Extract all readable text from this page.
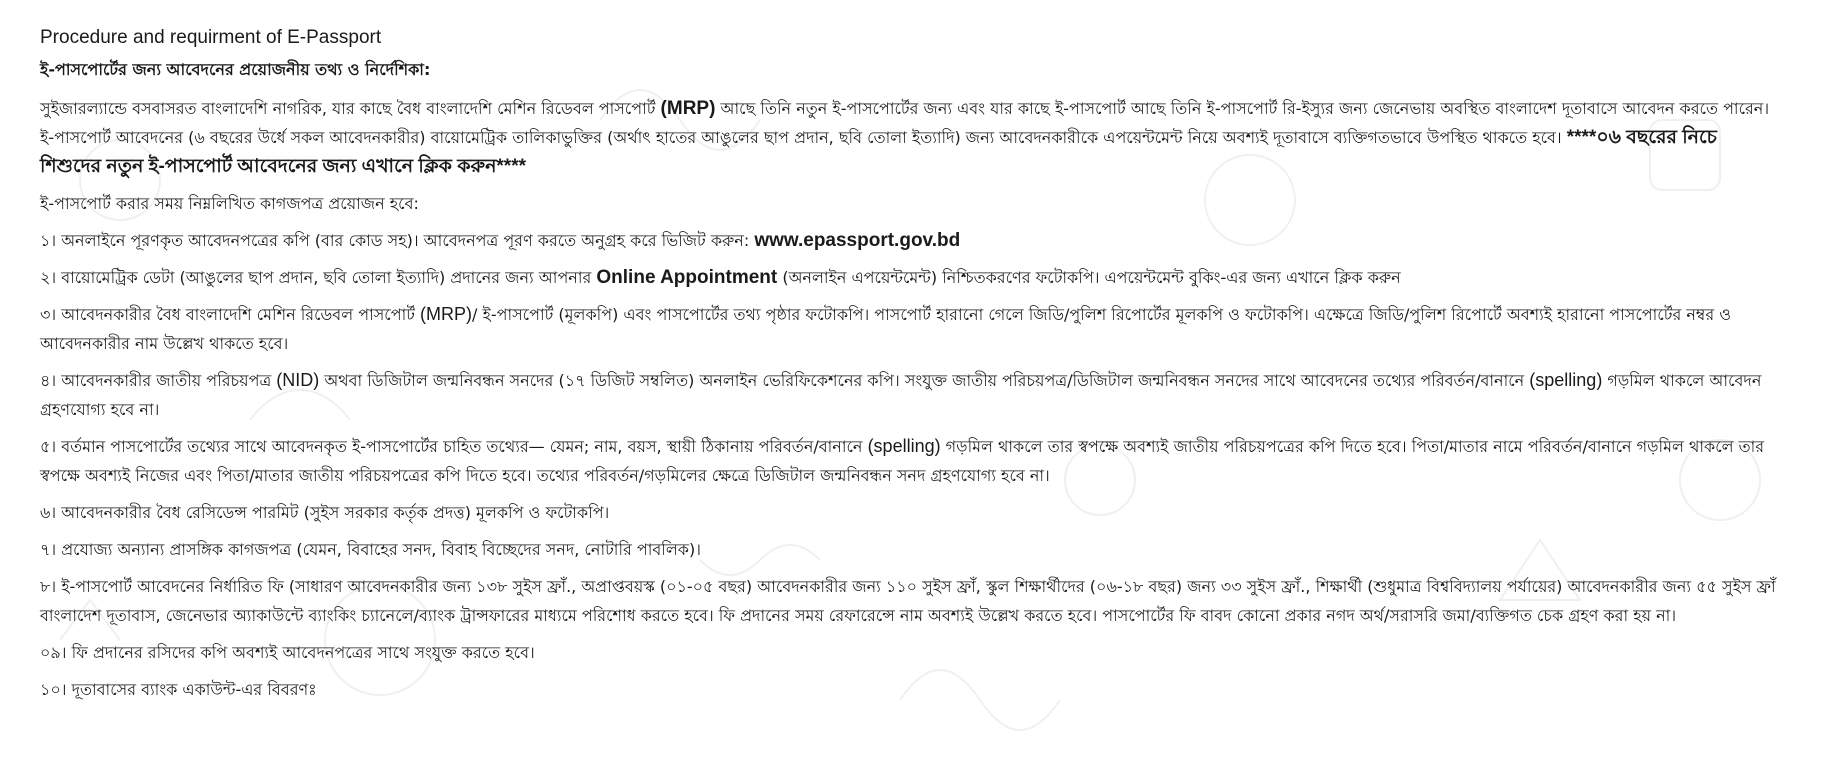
Procedure and requirment of E-Passport
ই-পাসপোর্টের জন্য আবেদনের প্রয়োজনীয় তথ্য ও নির্দেশিকা:
সুইজারল্যান্ডে বসবাসরত বাংলাদেশি নাগরিক, যার কাছে বৈধ বাংলাদেশি মেশিন রিডেবল পাসপোর্ট (MRP) আছে তিনি নতুন ই-পাসপোর্টের জন্য এবং যার কাছে ই-পাসপোর্ট আছে তিনি ই-পাসপোর্ট রি-ইস্যুর জন্য জেনেভায় অবস্থিত বাংলাদেশ দূতাবাসে আবেদন করতে পারেন। ই-পাসপোর্ট আবেদনের (৬ বছরের উর্ধে সকল আবেদনকারীর) বায়োমেট্রিক তালিকাভুক্তির (অর্থাৎ হাতের আঙুলের ছাপ প্রদান, ছবি তোলা ইত্যাদি) জন্য আবেদনকারীকে এপয়েন্টমেন্ট নিয়ে অবশ্যই দূতাবাসে ব্যক্তিগতভাবে উপস্থিত থাকতে হবে। ****০৬ বছরের নিচে শিশুদের নতুন ই-পাসপোর্ট আবেদনের জন্য এখানে ক্লিক করুন****
ই-পাসপোর্ট করার সময় নিম্নলিখিত কাগজপত্র প্রয়োজন হবে:
১। অনলাইনে পূরণকৃত আবেদনপত্রের কপি (বার কোড সহ)। আবেদনপত্র পূরণ করতে অনুগ্রহ করে ভিজিট করুন: www.epassport.gov.bd
২। বায়োমেট্রিক ডেটা (আঙুলের ছাপ প্রদান, ছবি তোলা ইত্যাদি) প্রদানের জন্য আপনার Online Appointment (অনলাইন এপয়েন্টমেন্ট) নিশ্চিতকরণের ফটোকপি। এপয়েন্টমেন্ট বুকিং-এর জন্য এখানে ক্লিক করুন
৩। আবেদনকারীর বৈধ বাংলাদেশি মেশিন রিডেবল পাসপোর্ট (MRP)/ ই-পাসপোর্ট (মূলকপি) এবং পাসপোর্টের তথ্য পৃষ্ঠার ফটোকপি। পাসপোর্ট হারানো গেলে জিডি/পুলিশ রিপোর্টের মূলকপি ও ফটোকপি। এক্ষেত্রে জিডি/পুলিশ রিপোর্টে অবশ্যই হারানো পাসপোর্টের নম্বর ও আবেদনকারীর নাম উল্লেখ থাকতে হবে।
৪। আবেদনকারীর জাতীয় পরিচয়পত্র (NID) অথবা ডিজিটাল জন্মনিবন্ধন সনদের (১৭ ডিজিট সম্বলিত) অনলাইন ভেরিফিকেশনের কপি। সংযুক্ত জাতীয় পরিচয়পত্র/ডিজিটাল জন্মনিবন্ধন সনদের সাথে আবেদনের তথ্যের পরিবর্তন/বানানে (spelling) গড়মিল থাকলে আবেদন গ্রহণযোগ্য হবে না।
৫। বর্তমান পাসপোর্টের তথ্যের সাথে আবেদনকৃত ই-পাসপোর্টের চাহিত তথ্যের— যেমন; নাম, বয়স, স্থায়ী ঠিকানায় পরিবর্তন/বানানে (spelling) গড়মিল থাকলে তার স্বপক্ষে অবশ্যই জাতীয় পরিচয়পত্রের কপি দিতে হবে। পিতা/মাতার নামে পরিবর্তন/বানানে গড়মিল থাকলে তার স্বপক্ষে অবশ্যই নিজের এবং পিতা/মাতার জাতীয় পরিচয়পত্রের কপি দিতে হবে। তথ্যের পরিবর্তন/গড়মিলের ক্ষেত্রে ডিজিটাল জন্মনিবন্ধন সনদ গ্রহণযোগ্য হবে না।
৬। আবেদনকারীর বৈধ রেসিডেন্স পারমিট (সুইস সরকার কর্তৃক প্রদত্ত) মূলকপি ও ফটোকপি।
৭। প্রযোজ্য অন্যান্য প্রাসঙ্গিক কাগজপত্র (যেমন, বিবাহের সনদ, বিবাহ বিচ্ছেদের সনদ, নোটারি পাবলিক)।
৮। ই-পাসপোর্ট আবেদনের নির্ধারিত ফি (সাধারণ আবেদনকারীর জন্য ১৩৮ সুইস ফ্রাঁ., অপ্রাপ্তবয়স্ক (০১-০৫ বছর) আবেদনকারীর জন্য ১১০ সুইস ফ্রাঁ, স্কুল শিক্ষার্থীদের (০৬-১৮ বছর) জন্য ৩৩ সুইস ফ্রাঁ., শিক্ষার্থী (শুধুমাত্র বিশ্ববিদ্যালয় পর্যায়ের) আবেদনকারীর জন্য ৫৫ সুইস ফ্রাঁ বাংলাদেশ দূতাবাস, জেনেভার অ্যাকাউন্টে ব্যাংকিং চ্যানেলে/ব্যাংক ট্রান্সফারের মাধ্যমে পরিশোধ করতে হবে। ফি প্রদানের সময় রেফারেন্সে নাম অবশ্যই উল্লেখ করতে হবে। পাসপোর্টের ফি বাবদ কোনো প্রকার নগদ অর্থ/সরাসরি জমা/ব্যক্তিগত চেক গ্রহণ করা হয় না।
০৯। ফি প্রদানের রসিদের কপি অবশ্যই আবেদনপত্রের সাথে সংযুক্ত করতে হবে।
১০। দূতাবাসের ব্যাংক একাউন্ট-এর বিবরণঃ
